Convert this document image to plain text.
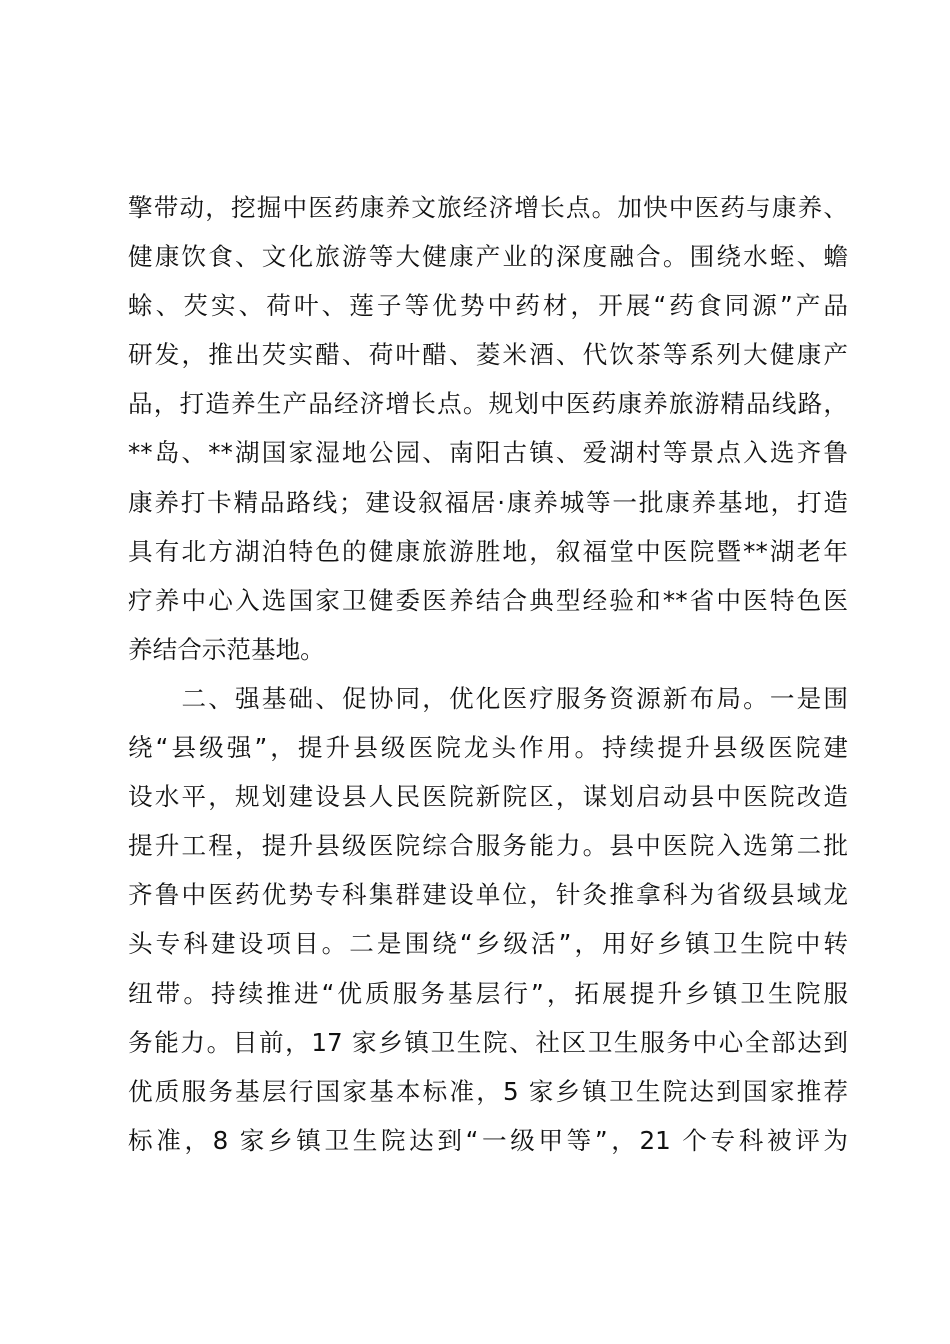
擎带动，挖掘中医药康养文旅经济增长点。加快中医药与康养、
健康饮食、文化旅游等大健康产业的深度融合。围绕水蛭、蟾
蜍、芡实、荷叶、莲子等优势中药材，开展“药食同源”产品
研发，推出芡实醋、荷叶醋、菱米酒、代饮茶等系列大健康产
品，打造养生产品经济增长点。规划中医药康养旅游精品线路，
**岛、**湖国家湿地公园、南阳古镇、爱湖村等景点入选齐鲁
康养打卡精品路线；建设叙福居·康养城等一批康养基地，打造
具有北方湖泊特色的健康旅游胜地，叙福堂中医院暨**湖老年
疗养中心入选国家卫健委医养结合典型经验和**省中医特色医
养结合示范基地。
　　二、强基础、促协同，优化医疗服务资源新布局。一是围
绕“县级强”，提升县级医院龙头作用。持续提升县级医院建
设水平，规划建设县人民医院新院区，谋划启动县中医院改造
提升工程，提升县级医院综合服务能力。县中医院入选第二批
齐鲁中医药优势专科集群建设单位，针灸推拿科为省级县域龙
头专科建设项目。二是围绕“乡级活”，用好乡镇卫生院中转
纽带。持续推进“优质服务基层行”，拓展提升乡镇卫生院服
务能力。目前，17 家乡镇卫生院、社区卫生服务中心全部达到
优质服务基层行国家基本标准，5 家乡镇卫生院达到国家推荐
标准，8 家乡镇卫生院达到“一级甲等”，21 个专科被评为
